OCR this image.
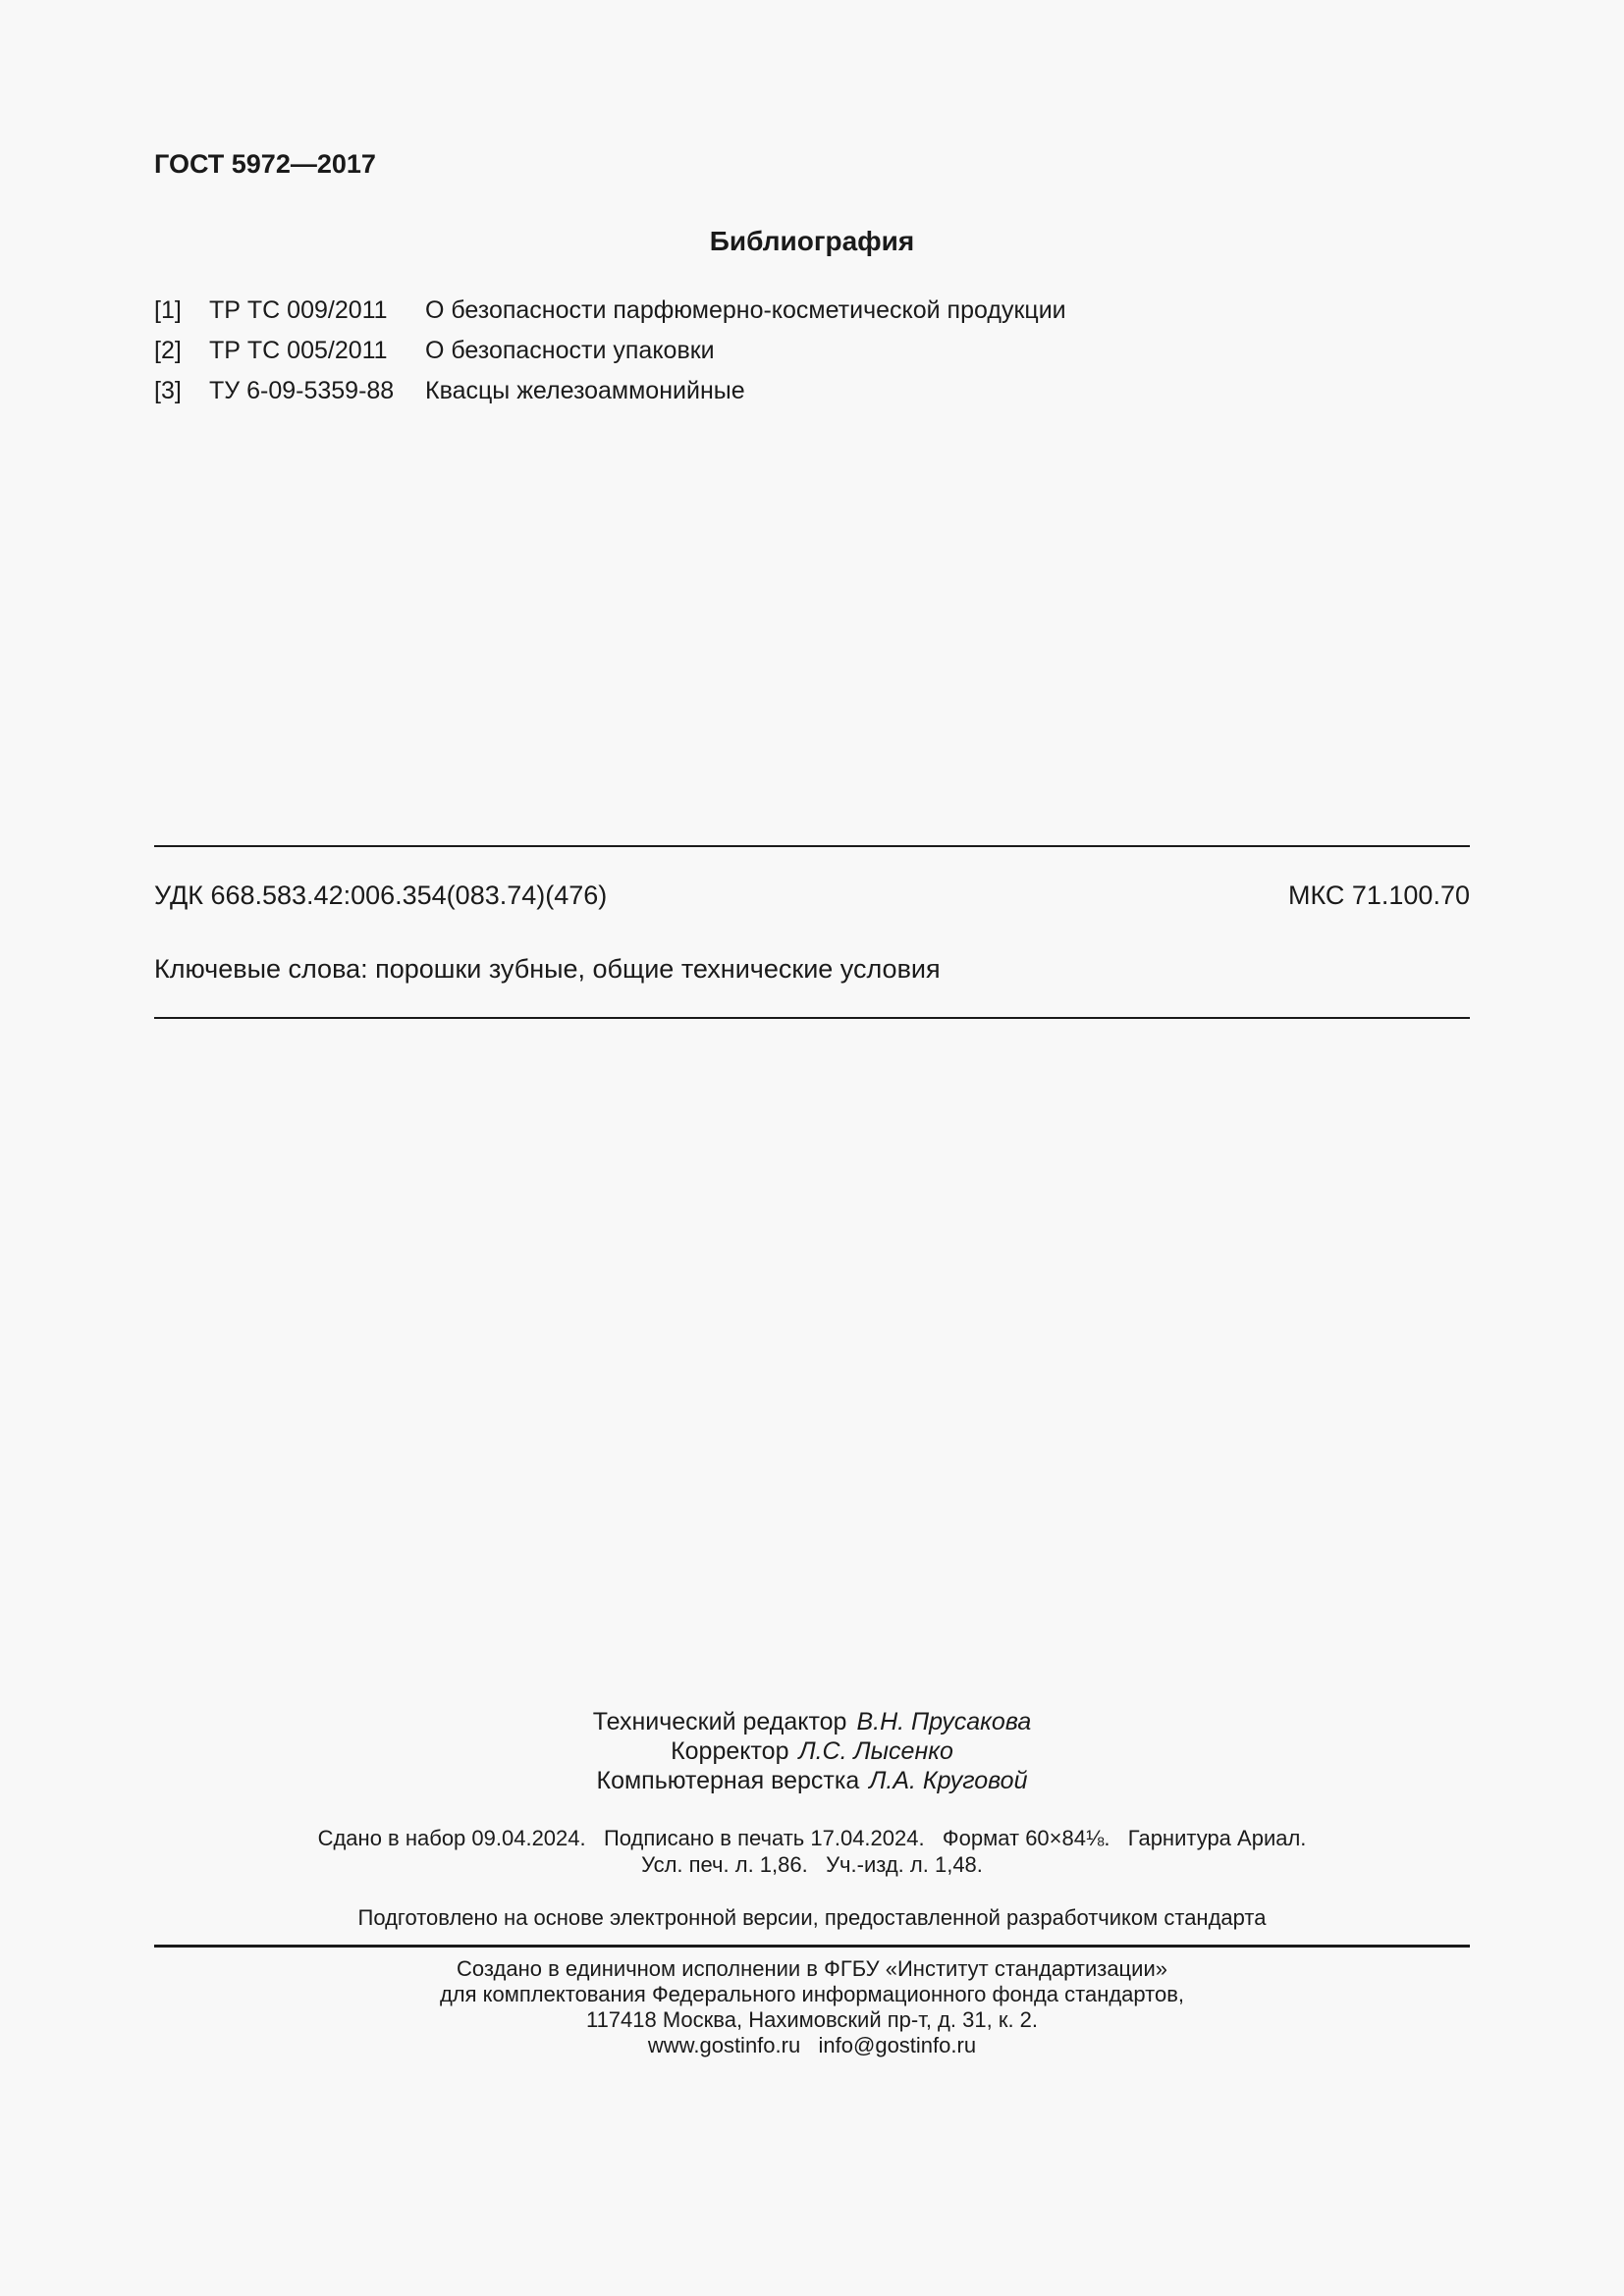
ГОСТ 5972—2017
Библиография
[1] ТР ТС 009/2011 О безопасности парфюмерно-косметической продукции
[2] ТР ТС 005/2011 О безопасности упаковки
[3] ТУ 6-09-5359-88 Квасцы железоаммонийные
УДК 668.583.42:006.354(083.74)(476)	МКС 71.100.70
Ключевые слова: порошки зубные, общие технические условия
Технический редактор В.Н. Прусакова
Корректор Л.С. Лысенко
Компьютерная верстка Л.А. Круговой
Сдано в набор 09.04.2024.   Подписано в печать 17.04.2024.   Формат 60×84⅛.   Гарнитура Ариал.
Усл. печ. л. 1,86.   Уч.-изд. л. 1,48.
Подготовлено на основе электронной версии, предоставленной разработчиком стандарта
Создано в единичном исполнении в ФГБУ «Институт стандартизации»
для комплектования Федерального информационного фонда стандартов,
117418 Москва, Нахимовский пр-т, д. 31, к. 2.
www.gostinfo.ru   info@gostinfo.ru
